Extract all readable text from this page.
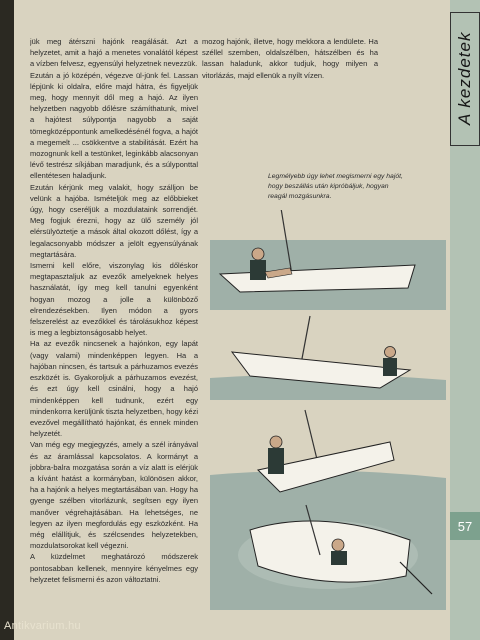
jük meg átérszni hajónk reagálását. Azt a helyzetet, amit a hajó a menetes vonalától képest a vízben felvesz, egyensúlyi helyzetnek nevezzük.

Ezután a jó középén, végezve ül-jünk fel. Lassan lépjünk ki oldalra, előre majd hátra, és figyeljük meg, hogy mennyit dől meg a hajó. Az ilyen helyzetben nagyobb dőlésre számíthatunk, mivel a hajótest súlypontja nagyobb a saját tömegközéppontunk amelkedésénél fogva, a hajót a megemelt ... csökkentve a stabilitását. Ezért ha mozognunk kell a testünket, leginkább alacsonyan lévő testrész síkjában maradjunk, és a súlyponttal ellentétesen haladjunk.

Ezután kérjünk meg valakit, hogy szálljon be velünk a hajóba. Ismételjük meg az előbbieket úgy, hogy cseréljük a mozdulataink sorrendjét. Meg fogjuk érezni, hogy az ülő személy jól elérsülyöztetje a mások által okozott dőlést, így a legalacsonyabb módszer a jelölt egyensúlyának megtartására.

Ismerni kell előre, viszonylag kis dőléskor megtapasztaljuk az evezők amelyeknek helyes használatát, így meg kell tanulni egyenként hogyan mozog a jolle a különböző elrendezésekben. Ilyen módon a gyors felszerelést az evezőkkel és tárolásukhoz képest is meg a legbiztonságosabb helyet.

Ha az evezők nincsenek a hajónkon, egy lapát (vagy valami) mindenképpen legyen. Ha a hajóban nincsen, és tartsuk a párhuzamos evezés eszközét is. Gyakoroljuk a párhuzamos evezést, és ezt úgy kell csinálni, hogy a hajó mindenképpen kell tudnunk, ezért egy mindenkorra kerüljünk tiszta helyzetben, hogy kézi evezővel megállítható hajónkat, és ennek minden helyzetét.

Van még egy megjegyzés, amely a szél irányával és az áramlással kapcsolatos. A kormányt a jobbra-balra mozgatása során a víz alatt is elérjük a kívánt hatást a kormányban, különösen akkor, ha a hajónk a helyes megtartásában van. Hogy ha gyenge szélben vitorlázunk, segítsen egy ilyen manőver végrehajtásában. Ha lehetséges, ne legyen az ilyen megfordulás egy eszközként. Ha még elállítjuk, és szélcsendes helyzetekben, mozdulatsorokat kell végezni.

A küzdelmet meghatározó módszerek pontosabban kellenek, mennyire kényelmes egy helyzetet felismerni és azon változtatni.

mozog hajónk, illetve, hogy mekkora a lendülete. Ha széllel szemben, oldalszélben, hátszélben és ha lassan haladunk, akkor tudjuk, hogy milyen a vitorlázás, majd ellenük a nyílt vízen.

Legmélyebb úgy lehet megismerni egy hajót, hogy beszállás után kipróbáljuk, hogyan reagál mozgásunkra.
A kezdetek
57
Antikvarium.hu
